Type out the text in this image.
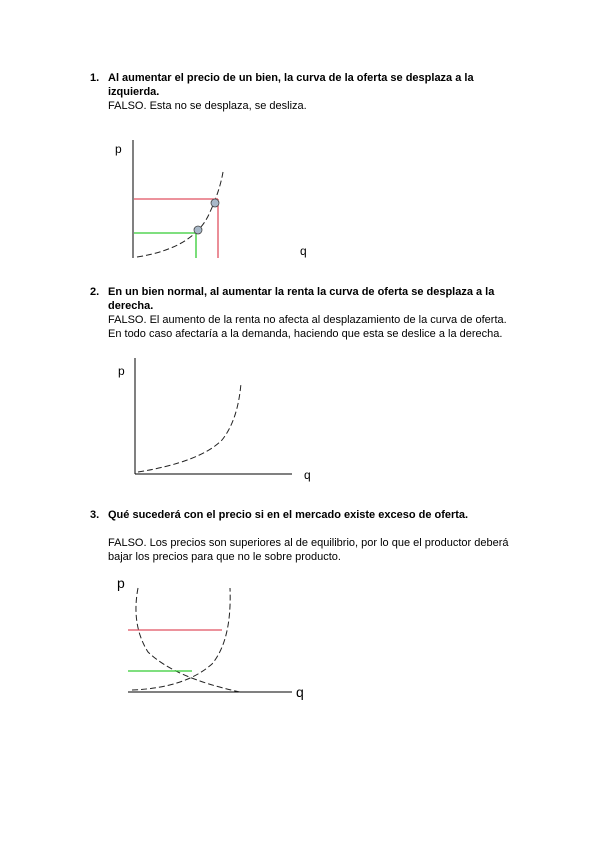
1. Al aumentar el precio de un bien, la curva de la oferta se desplaza a la izquierda.
FALSO. Esta no se desplaza, se desliza.
2. En un bien normal, al aumentar la renta la curva de oferta se desplaza a la derecha.
FALSO. El aumento de la renta no afecta al desplazamiento de la curva de oferta. En todo caso afectaría a la demanda, haciendo que esta se deslice a la derecha.
3. Qué sucederá con el precio si en el mercado existe exceso de oferta.
FALSO. Los precios son superiores al de equilibrio, por lo que el productor deberá bajar los precios para que no le sobre producto.
p
q
p
q
p
q
